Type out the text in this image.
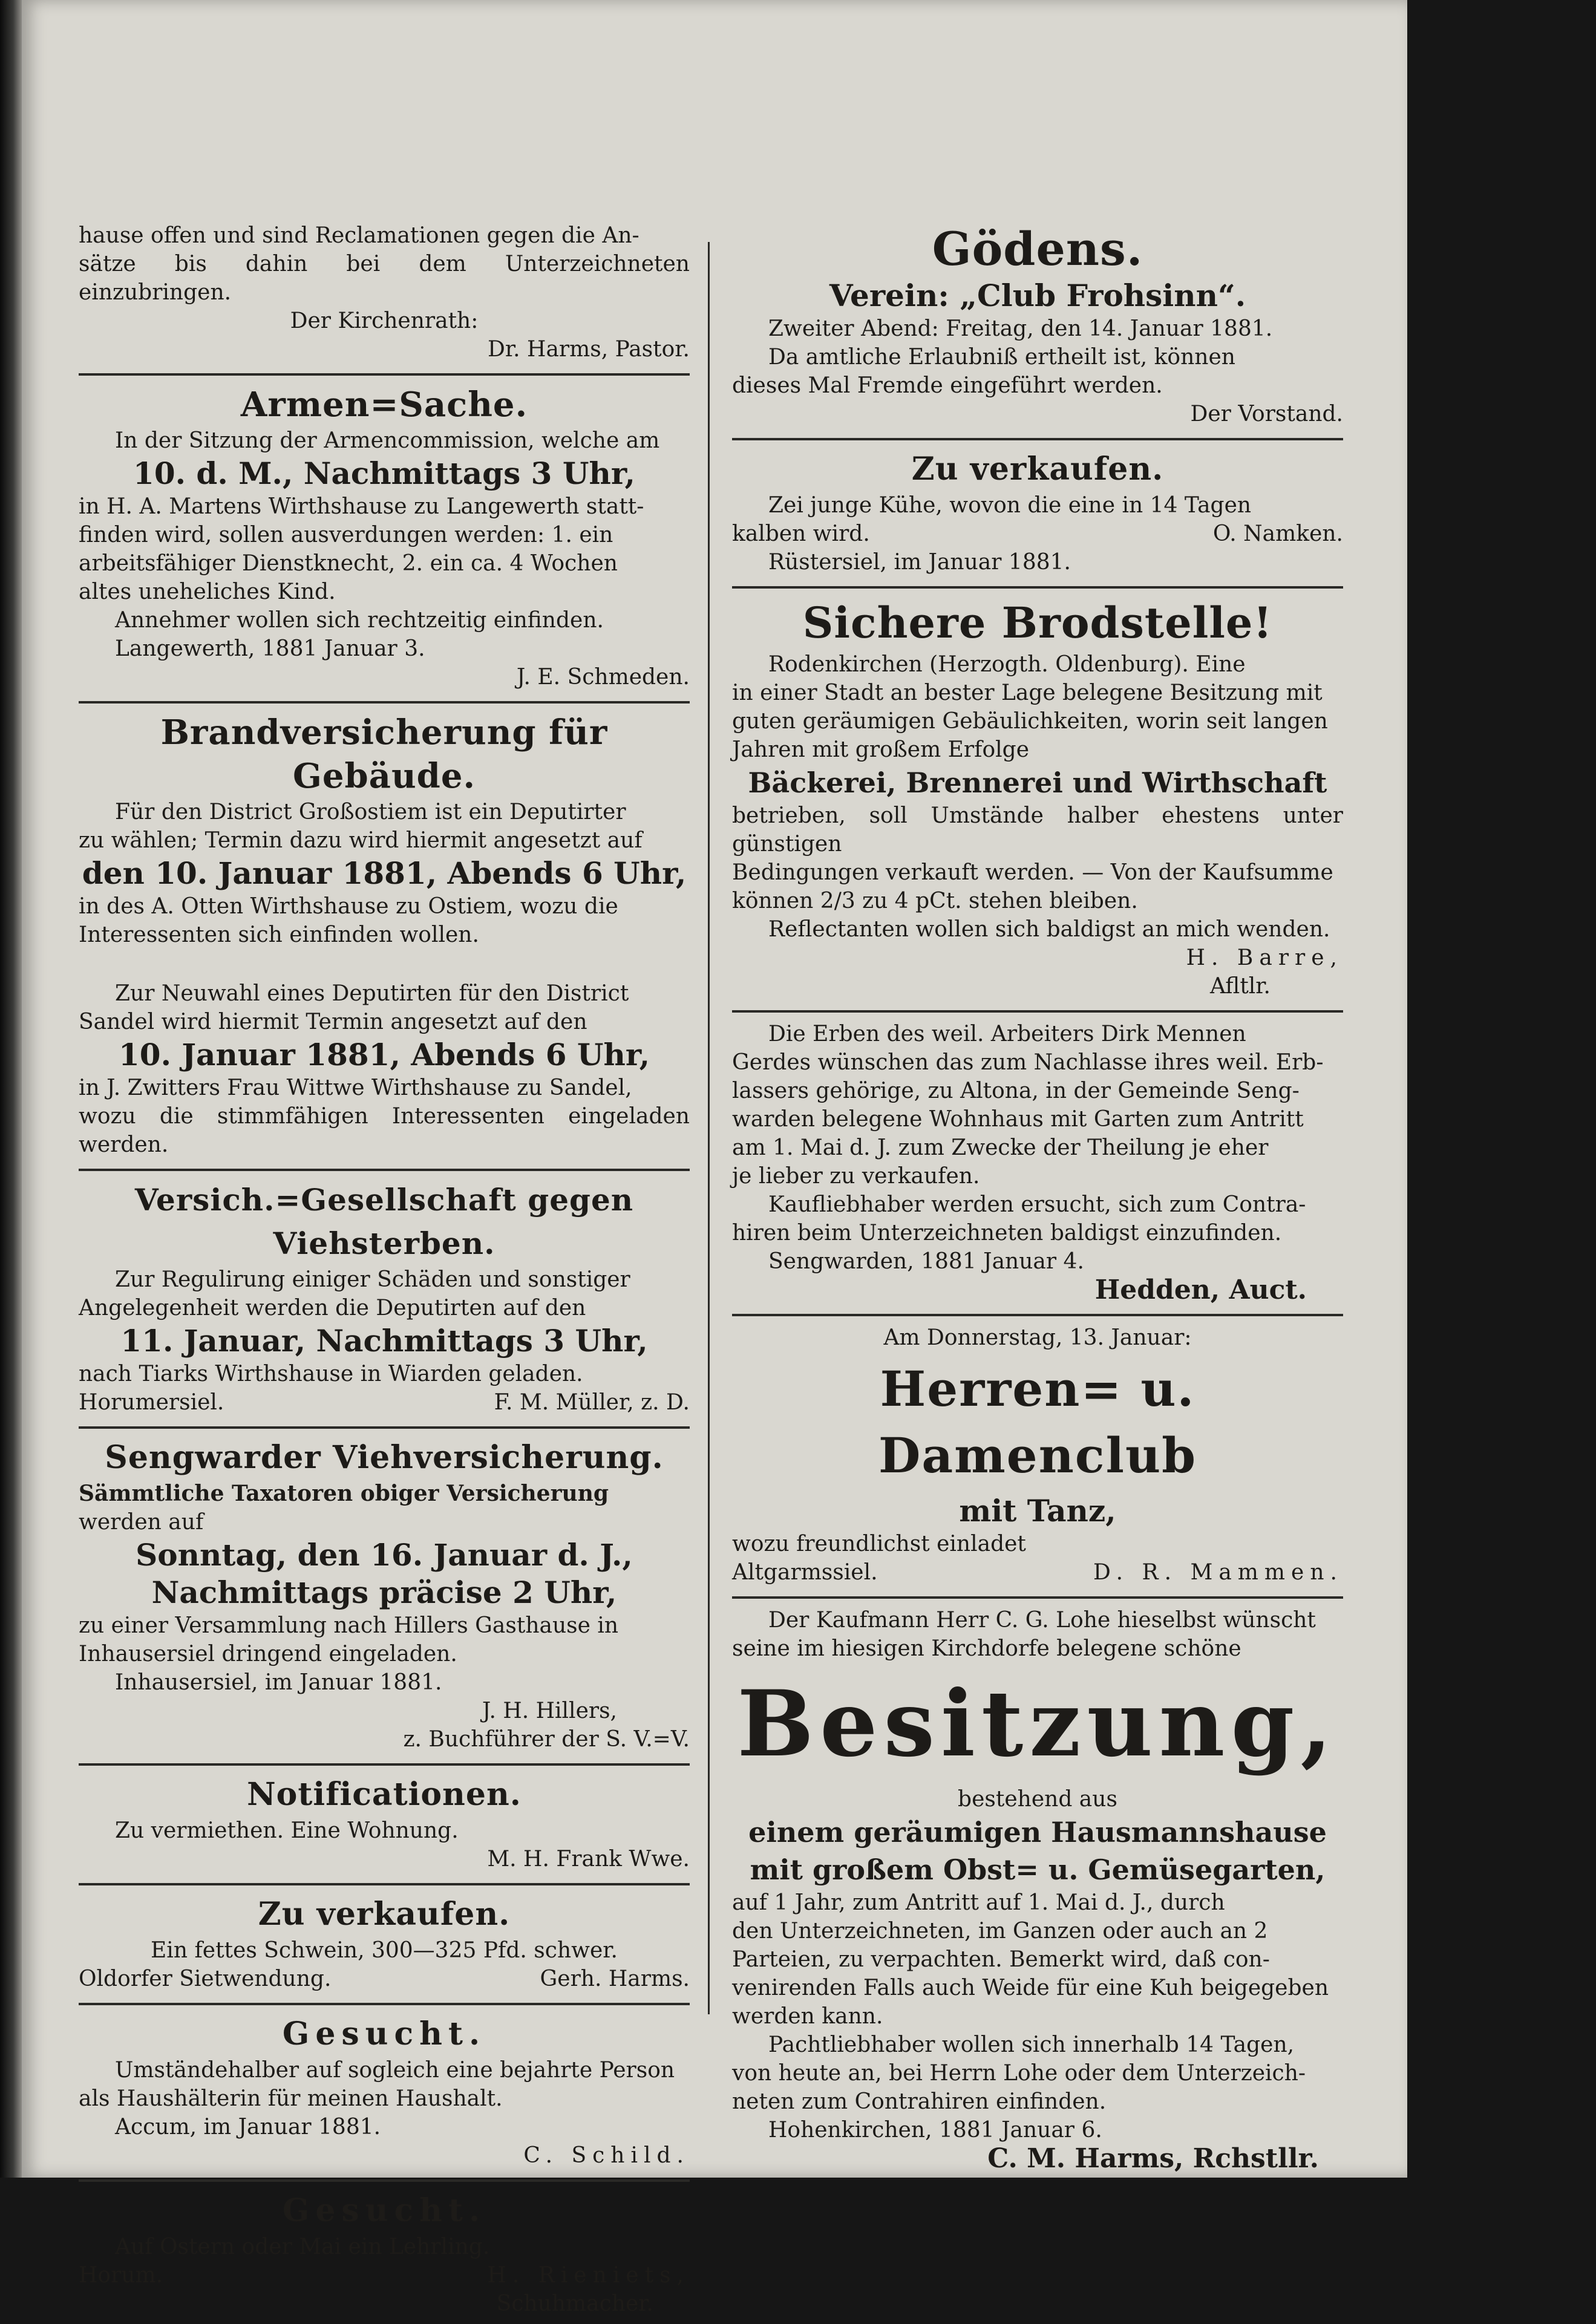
hause offen und sind Reclamationen gegen die An-

sätze bis dahin bei dem Unterzeichneten einzubringen.

Der Kirchenrath:

Dr. Harms, Pastor.

Armen=Sache.

In der Sitzung der Armencommission, welche am

10. d. M., Nachmittags 3 Uhr,

in H. A. Martens Wirthshause zu Langewerth statt-

finden wird, sollen ausverdungen werden: 1. ein

arbeitsfähiger Dienstknecht, 2. ein ca. 4 Wochen

altes uneheliches Kind.

Annehmer wollen sich rechtzeitig einfinden.

Langewerth, 1881 Januar 3.

J. E. Schmeden.

Brandversicherung für Gebäude.

Für den District Großostiem ist ein Deputirter

zu wählen; Termin dazu wird hiermit angesetzt auf

den 10. Januar 1881, Abends 6 Uhr,

in des A. Otten Wirthshause zu Ostiem, wozu die

Interessenten sich einfinden wollen.

Zur Neuwahl eines Deputirten für den District

Sandel wird hiermit Termin angesetzt auf den

10. Januar 1881, Abends 6 Uhr,

in J. Zwitters Frau Wittwe Wirthshause zu Sandel,

wozu die stimmfähigen Interessenten eingeladen werden.

Versich.=Gesellschaft gegen Viehsterben.

Zur Regulirung einiger Schäden und sonstiger

Angelegenheit werden die Deputirten auf den

11. Januar, Nachmittags 3 Uhr,

nach Tiarks Wirthshause in Wiarden geladen.

Horumersiel.	F. M. Müller, z. D.

Sengwarder Viehversicherung.

Sämmtliche Taxatoren obiger Versicherung

werden auf

Sonntag, den 16. Januar d. J.,
Nachmittags präcise 2 Uhr,

zu einer Versammlung nach Hillers Gasthause in

Inhausersiel dringend eingeladen.

Inhausersiel, im Januar 1881.

J. H. Hillers,

z. Buchführer der S. V.=V.

Notificationen.

Zu vermiethen. Eine Wohnung.

M. H. Frank Wwe.

Zu verkaufen.

Ein fettes Schwein, 300—325 Pfd. schwer.

Oldorfer Sietwendung.	Gerh. Harms.

Gesucht.

Umständehalber auf sogleich eine bejahrte Person

als Haushälterin für meinen Haushalt.

Accum, im Januar 1881.

C. Schild.

Gesucht.

Auf Ostern oder Mai ein Lehrling.

Horum.	H. Rieniets,

Schuhmacher.

Gödens.
Verein: „Club Frohsinn“.

Zweiter Abend: Freitag, den 14. Januar 1881.

Da amtliche Erlaubniß ertheilt ist, können

dieses Mal Fremde eingeführt werden.

Der Vorstand.

Zu verkaufen.

Zei junge Kühe, wovon die eine in 14 Tagen

kalben wird.	O. Namken.

Rüstersiel, im Januar 1881.

Sichere Brodstelle!

Rodenkirchen (Herzogth. Oldenburg). Eine

in einer Stadt an bester Lage belegene Besitzung mit

guten geräumigen Gebäulichkeiten, worin seit langen

Jahren mit großem Erfolge

Bäckerei, Brennerei und Wirthschaft

betrieben, soll Umstände halber ehestens unter günstigen

Bedingungen verkauft werden. — Von der Kaufsumme

können 2/3 zu 4 pCt. stehen bleiben.

Reflectanten wollen sich baldigst an mich wenden.

H. Barre,

Afltlr.

Die Erben des weil. Arbeiters Dirk Mennen

Gerdes wünschen das zum Nachlasse ihres weil. Erb-

lassers gehörige, zu Altona, in der Gemeinde Seng-

warden belegene Wohnhaus mit Garten zum Antritt

am 1. Mai d. J. zum Zwecke der Theilung je eher

je lieber zu verkaufen.

Kaufliebhaber werden ersucht, sich zum Contra-

hiren beim Unterzeichneten baldigst einzufinden.

Sengwarden, 1881 Januar 4.

Hedden, Auct.

Am Donnerstag, 13. Januar:

Herren= u. Damenclub
mit Tanz,

wozu freundlichst einladet

Altgarmssiel.	D. R. Mammen.

Der Kaufmann Herr C. G. Lohe hieselbst wünscht

seine im hiesigen Kirchdorfe belegene schöne

Besitzung,

bestehend aus

einem geräumigen Hausmannshause
mit großem Obst= u. Gemüsegarten,

auf 1 Jahr, zum Antritt auf 1. Mai d. J., durch

den Unterzeichneten, im Ganzen oder auch an 2

Parteien, zu verpachten. Bemerkt wird, daß con-

venirenden Falls auch Weide für eine Kuh beigegeben

werden kann.

Pachtliebhaber wollen sich innerhalb 14 Tagen,

von heute an, bei Herrn Lohe oder dem Unterzeich-

neten zum Contrahiren einfinden.

Hohenkirchen, 1881 Januar 6.

C. M. Harms, Rchstllr.
